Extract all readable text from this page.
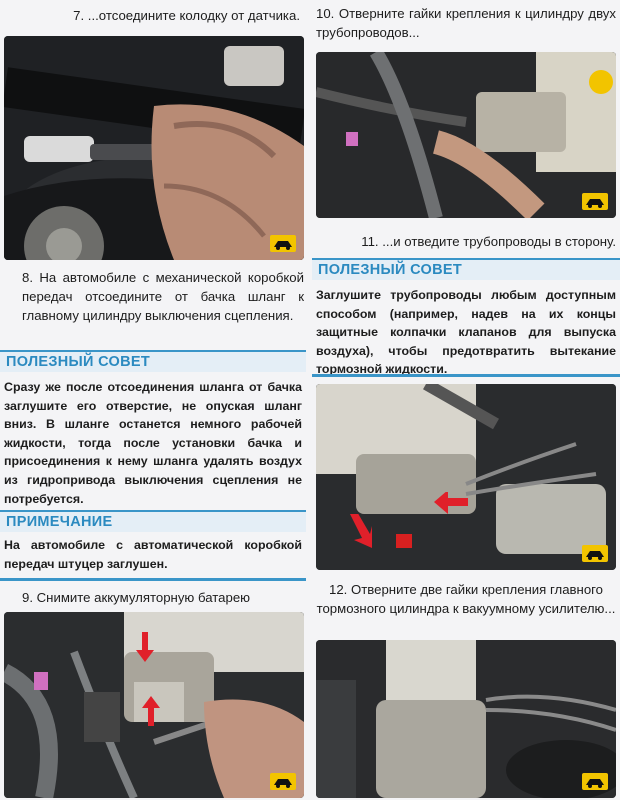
7. ...отсоедините колодку от датчика.
8. На автомобиле с механической коробкой передач отсоедините от бачка шланг к главному цилиндру выключения сцепления.
ПОЛЕЗНЫЙ СОВЕТ
Сразу же после отсоединения шланга от бачка заглушите его отверстие, не опуская шланг вниз. В шланге останется немного рабочей жидкости, тогда после установки бачка и присоединения к нему шланга удалять воздух из гидропривода выключения сцепления не потребуется.
ПРИМЕЧАНИЕ
На автомобиле с автоматической коробкой передач штуцер заглушен.
9. Снимите аккумуляторную батарею
10. Отверните гайки крепления к цилиндру двух трубопроводов...
11. ...и отведите трубопроводы в сторону.
ПОЛЕЗНЫЙ СОВЕТ
Заглушите трубопроводы любым доступным способом (например, надев на их концы защитные колпачки клапанов для выпуска воздуха), чтобы предотвратить вытекание тормозной жидкости.
12. Отверните две гайки крепления главного тормозного цилиндра к вакуумному усилителю...
